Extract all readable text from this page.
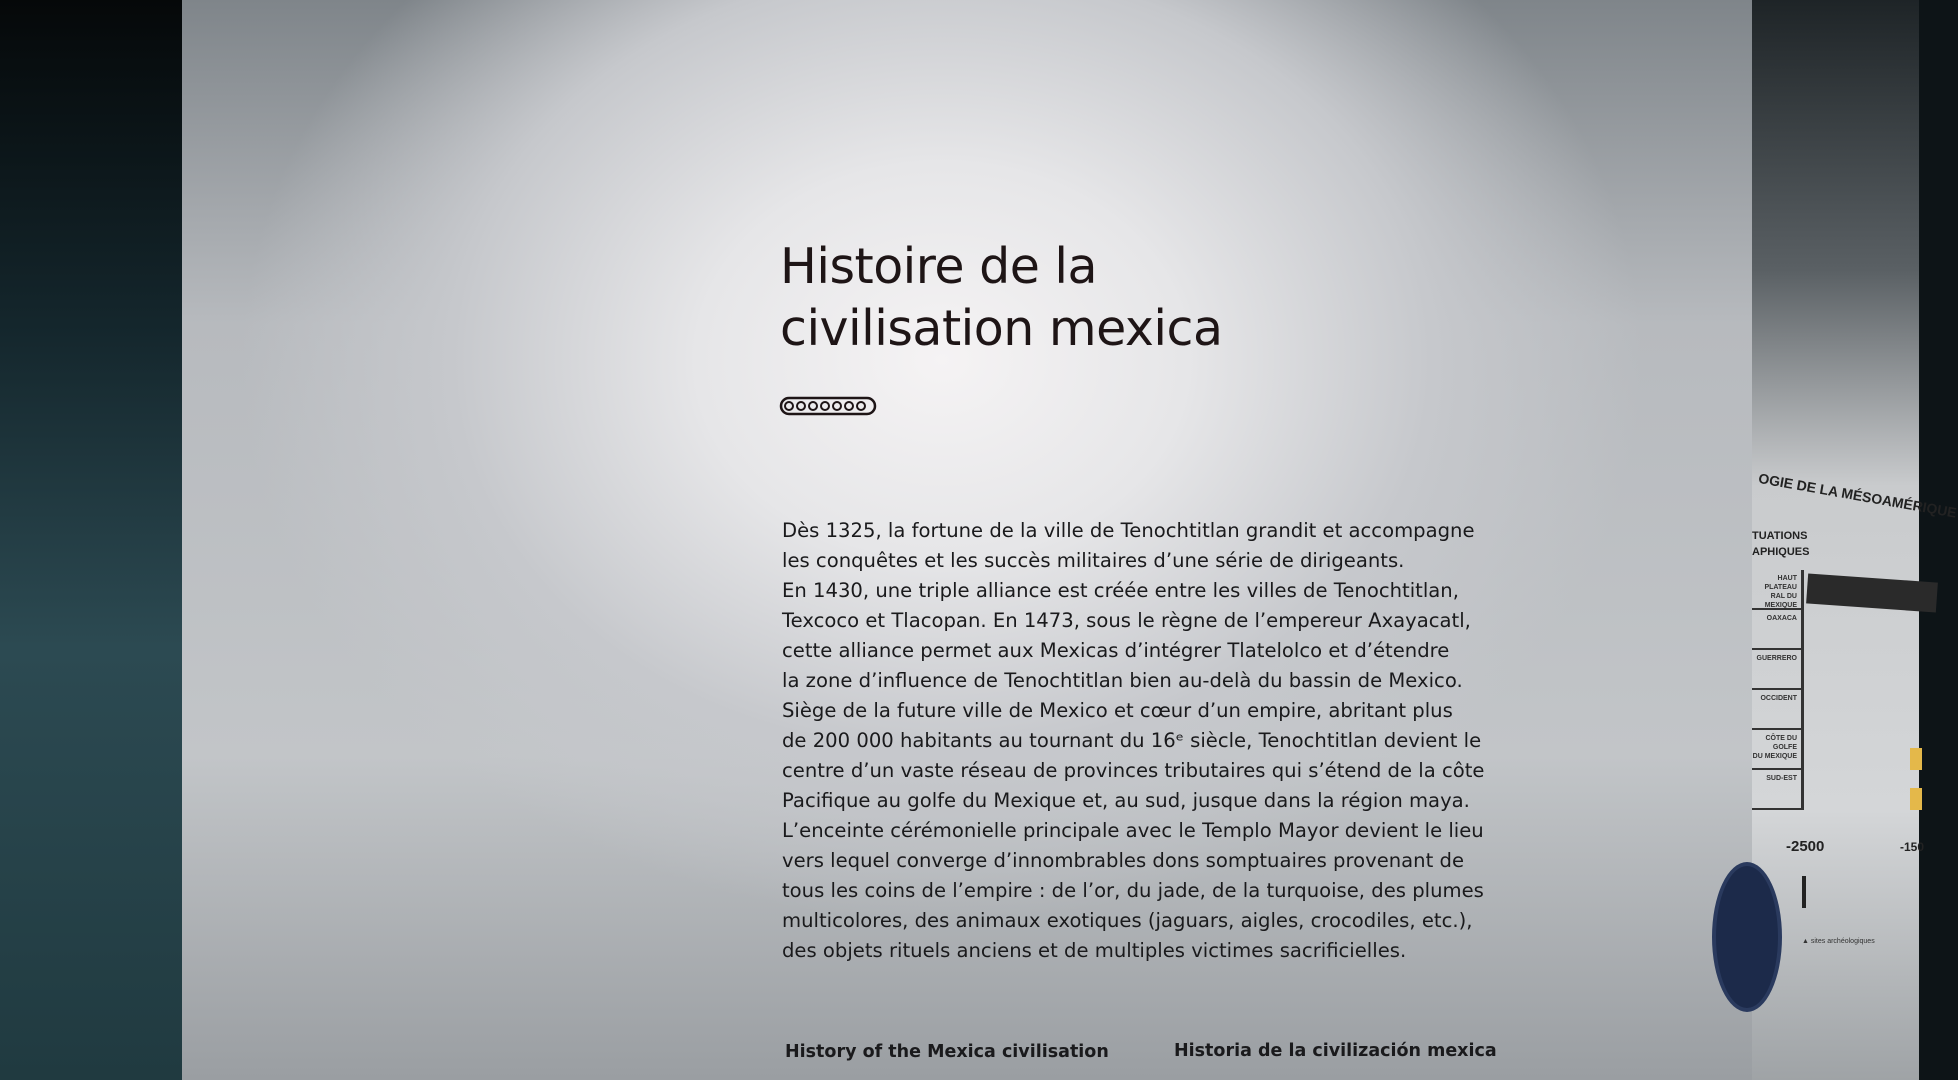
Histoire de la
civilisation mexica

Dès 1325, la fortune de la ville de Tenochtitlan grandit et accompagne

les conquêtes et les succès militaires d’une série de dirigeants.

En 1430, une triple alliance est créée entre les villes de Tenochtitlan,

Texcoco et Tlacopan. En 1473, sous le règne de l’empereur Axayacatl,

cette alliance permet aux Mexicas d’intégrer Tlatelolco et d’étendre

la zone d’influence de Tenochtitlan bien au-delà du bassin de Mexico.

Siège de la future ville de Mexico et cœur d’un empire, abritant plus

de 200 000 habitants au tournant du 16ᵉ siècle, Tenochtitlan devient le

centre d’un vaste réseau de provinces tributaires qui s’étend de la côte

Pacifique au golfe du Mexique et, au sud, jusque dans la région maya.

L’enceinte cérémonielle principale avec le Templo Mayor devient le lieu

vers lequel converge d’innombrables dons somptuaires provenant de

tous les coins de l’empire : de l’or, du jade, de la turquoise, des plumes

multicolores, des animaux exotiques (jaguars, aigles, crocodiles, etc.),

des objets rituels anciens et de multiples victimes sacrificielles.

History of the Mexica civilisation	Historia de la civilización mexica
OGIE DE LA MÉSOAMÉRIQUE
TUATIONS
APHIQUES
HAUT PLATEAU
RAL DU MEXIQUE
OAXACA
GUERRERO
OCCIDENT
CÔTE DU GOLFE
DU MEXIQUE
SUD-EST
-2500	-150
▲ sites archéologiques
